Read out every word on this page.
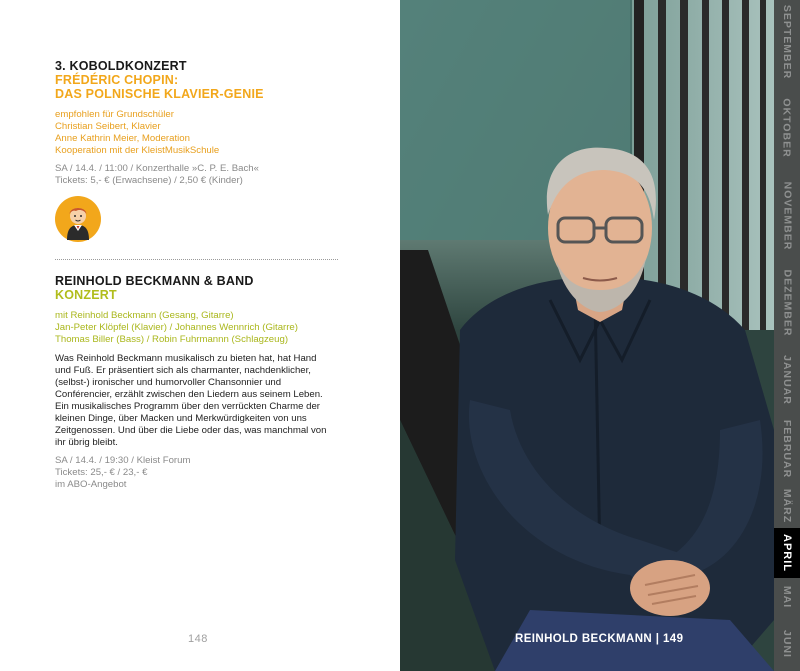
3. KOBOLDKONZERT
FRÉDÉRIC CHOPIN:
DAS POLNISCHE KLAVIER-GENIE
empfohlen für Grundschüler
Christian Seibert, Klavier
Anne Kathrin Meier, Moderation
Kooperation mit der KleistMusikSchule
SA / 14.4. / 11:00 / Konzerthalle »C. P. E. Bach«
Tickets: 5,- € (Erwachsene) / 2,50 € (Kinder)
REINHOLD BECKMANN & BAND
KONZERT
mit Reinhold Beckmann (Gesang, Gitarre)
Jan-Peter Klöpfel (Klavier) / Johannes Wennrich (Gitarre)
Thomas Biller (Bass) / Robin Fuhrmannn (Schlagzeug)
Was Reinhold Beckmann musikalisch zu bieten hat, hat Hand
und Fuß. Er präsentiert sich als charmanter, nachdenklicher,
(selbst-) ironischer und humorvoller Chansonnier und
Conférencier, erzählt zwischen den Liedern aus seinem Leben.
Ein musikalisches Programm über den verrückten Charme der
kleinen Dinge, über Macken und Merkwürdigkeiten von uns
Zeitgenossen. Und über die Liebe oder das, was manchmal von
ihr übrig bleibt.
SA / 14.4. / 19:30 / Kleist Forum
Tickets: 25,- € / 23,- €
im ABO-Angebot
148	REINHOLD BECKMANN | 149
SEPTEMBER
OKTOBER
NOVEMBER
DEZEMBER
JANUAR
FEBRUAR
MÄRZ
APRIL
MAI
JUNI
